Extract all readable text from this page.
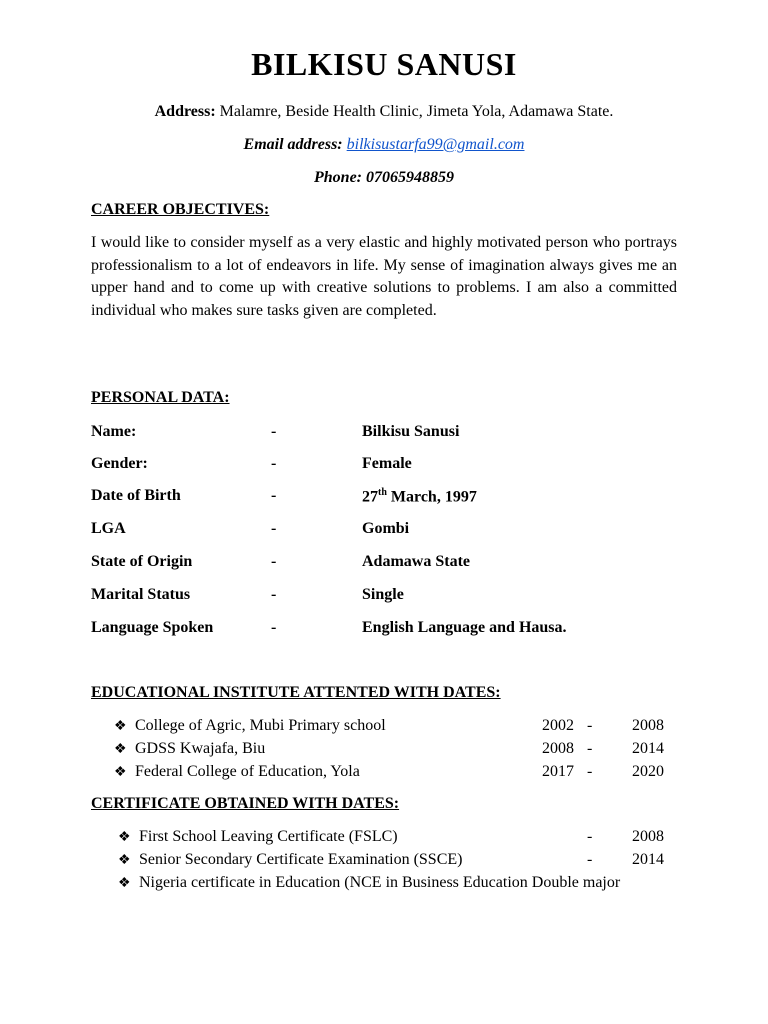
BILKISU SANUSI
Address: Malamre, Beside Health Clinic, Jimeta Yola, Adamawa State.
Email address: bilkisustarfa99@gmail.com
Phone: 07065948859
CAREER OBJECTIVES:

I would like to consider myself as a very elastic and highly motivated person who portrays professionalism to a lot of endeavors in life. My sense of imagination always gives me an upper hand and to come up with creative solutions to problems. I am also a committed individual who makes sure tasks given are completed.

PERSONAL DATA:
Name:	-	Bilkisu Sanusi
Gender:	-	Female
Date of Birth	-	27th March, 1997
LGA	-	Gombi
State of Origin	-	Adamawa State
Marital Status	-	Single
Language Spoken	-	English Language and Hausa.
EDUCATIONAL INSTITUTE ATTENTED WITH DATES:
❖ College of Agric, Mubi Primary school	2002 - 2008
❖ GDSS Kwajafa, Biu	2008 - 2014
❖ Federal College of Education, Yola	2017 - 2020
CERTIFICATE OBTAINED WITH DATES:
❖ First School Leaving Certificate (FSLC)	- 2008
❖ Senior Secondary Certificate Examination (SSCE)	- 2014
❖ Nigeria certificate in Education (NCE in Business Education Double major
